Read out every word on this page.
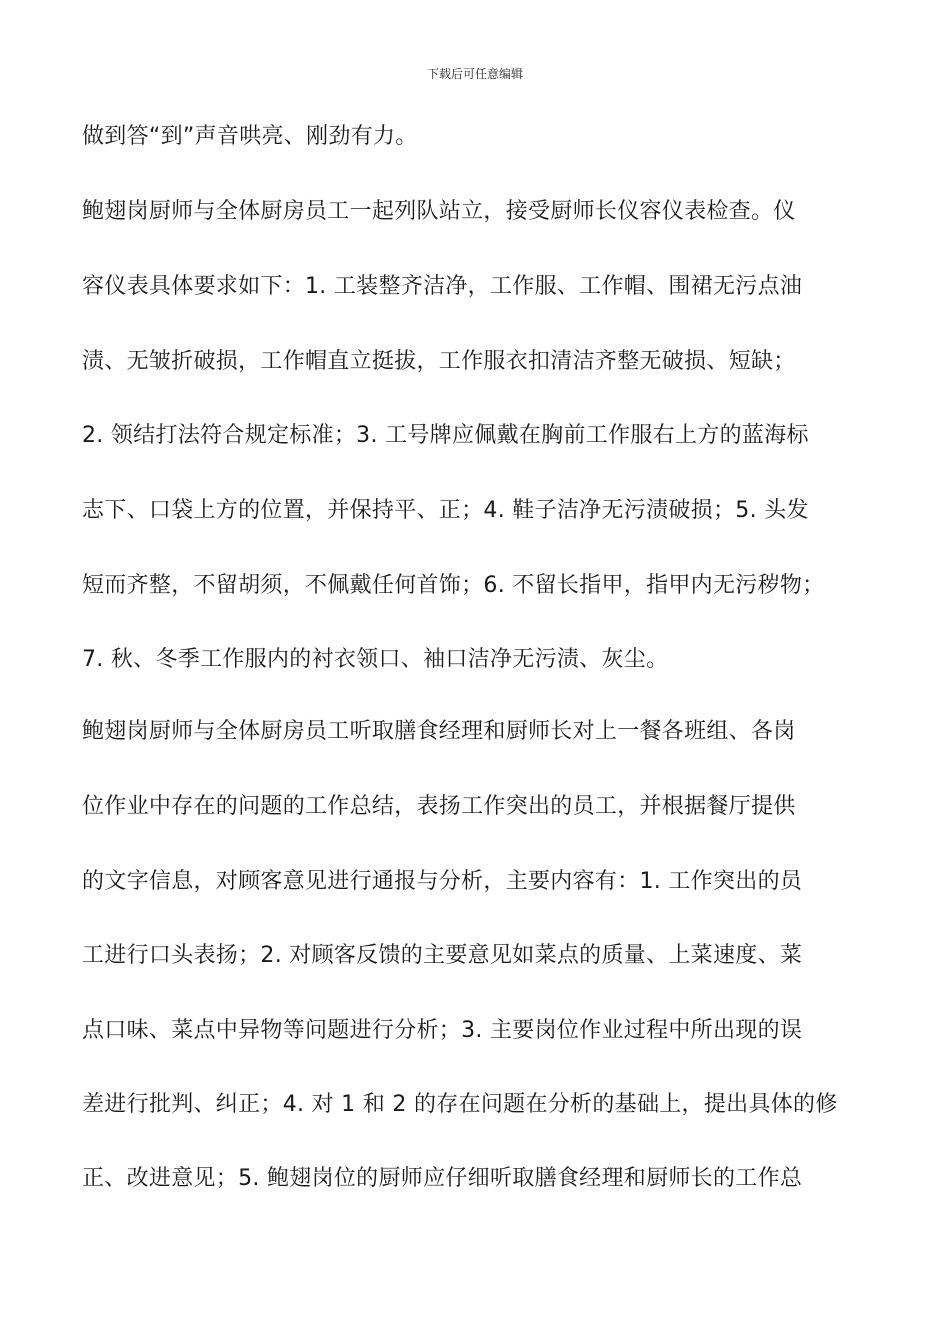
下载后可任意编辑
做到答“到”声音哄亮、刚劲有力。
鲍翅岗厨师与全体厨房员工一起列队站立，接受厨师长仪容仪表检查。仪
容仪表具体要求如下：1. 工装整齐洁净，工作服、工作帽、围裙无污点油
渍、无皱折破损，工作帽直立挺拔，工作服衣扣清洁齐整无破损、短缺；
2. 领结打法符合规定标准；3. 工号牌应佩戴在胸前工作服右上方的蓝海标
志下、口袋上方的位置，并保持平、正；4. 鞋子洁净无污渍破损；5. 头发
短而齐整，不留胡须，不佩戴任何首饰；6. 不留长指甲，指甲内无污秽物；
7. 秋、冬季工作服内的衬衣领口、袖口洁净无污渍、灰尘。
鲍翅岗厨师与全体厨房员工听取膳食经理和厨师长对上一餐各班组、各岗
位作业中存在的问题的工作总结，表扬工作突出的员工，并根据餐厅提供
的文字信息，对顾客意见进行通报与分析，主要内容有：1. 工作突出的员
工进行口头表扬；2. 对顾客反馈的主要意见如菜点的质量、上菜速度、菜
点口味、菜点中异物等问题进行分析；3. 主要岗位作业过程中所出现的误
差进行批判、纠正；4. 对 1 和 2 的存在问题在分析的基础上，提出具体的修
正、改进意见；5. 鲍翅岗位的厨师应仔细听取膳食经理和厨师长的工作总
